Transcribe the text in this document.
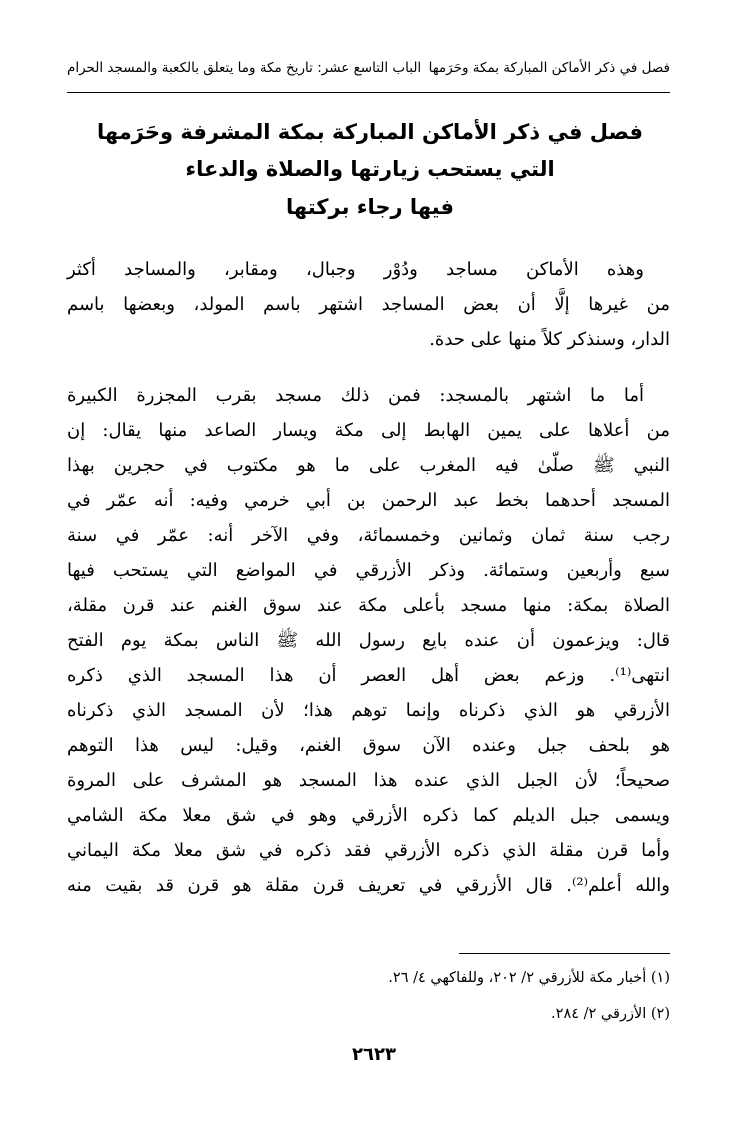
فصل في ذكر الأماكن المباركة بمكة وحَرَمها
الباب التاسع عشر: تاريخ مكة وما يتعلق بالكعبة والمسجد الحرام
فصل في ذكر الأماكن المباركة بمكة المشرفة وحَرَمها
التي يستحب زيارتها والصلاة والدعاء
فيها رجاء بركتها
وهذه الأماكن مساجد ودُوْر وجبال، ومقابر، والمساجد أكثر
من غيرها إلَّا أن بعض المساجد اشتهر باسم المولد، وبعضها باسم
الدار، وسنذكر كلاً منها على حدة.
أما ما اشتهر بالمسجد: فمن ذلك مسجد بقرب المجزرة الكبيرة
من أعلاها على يمين الهابط إلى مكة ويسار الصاعد منها يقال: إن
النبي ﷺ صلّىٰ فيه المغرب على ما هو مكتوب في حجرين بهذا
المسجد أحدهما بخط عبد الرحمن بن أبي خرمي وفيه: أنه عمّر في
رجب سنة ثمان وثمانين وخمسمائة، وفي الآخر أنه: عمّر في سنة
سبع وأربعين وستمائة. وذكر الأزرقي في المواضع التي يستحب فيها
الصلاة بمكة: منها مسجد بأعلى مكة عند سوق الغنم عند قرن مقلة،
قال: ويزعمون أن عنده بايع رسول الله ﷺ الناس بمكة يوم الفتح
انتهى⁽¹⁾. وزعم بعض أهل العصر أن هذا المسجد الذي ذكره
الأزرقي هو الذي ذكرناه وإنما توهم هذا؛ لأن المسجد الذي ذكرناه
هو بلحف جبل وعنده الآن سوق الغنم، وقيل: ليس هذا التوهم
صحيحاً؛ لأن الجبل الذي عنده هذا المسجد هو المشرف على المروة
ويسمى جبل الديلم كما ذكره الأزرقي وهو في شق معلا مكة الشامي
وأما قرن مقلة الذي ذكره الأزرقي فقد ذكره في شق معلا مكة اليماني
والله أعلم⁽²⁾. قال الأزرقي في تعريف قرن مقلة هو قرن قد بقيت منه
(١) أخبار مكة للأزرقي ٢/ ٢٠٢، وللفاكهي ٤/ ٢٦.
(٢) الأزرقي ٢/ ٢٨٤.
٢٦٢٣
